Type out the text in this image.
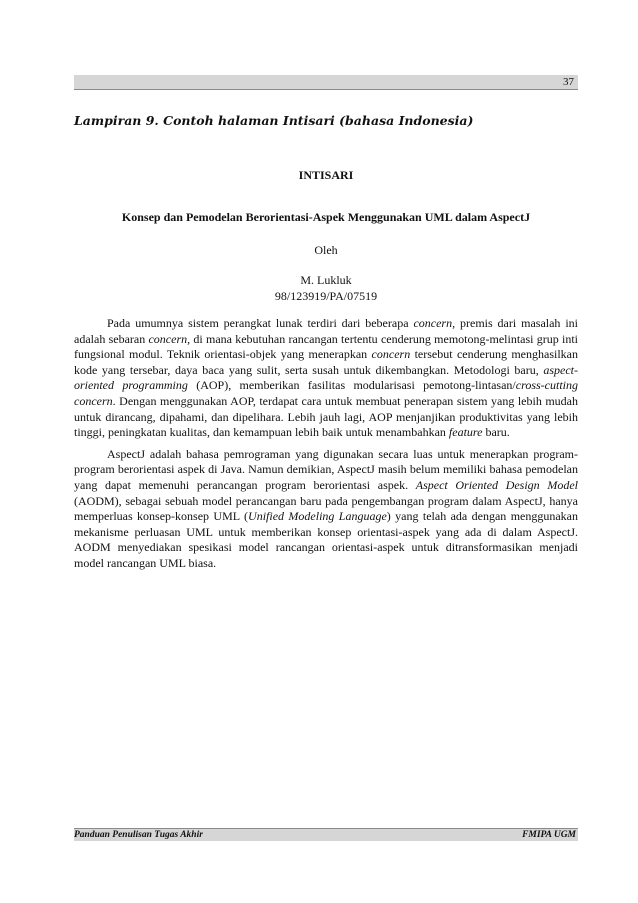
37
Lampiran 9. Contoh halaman Intisari (bahasa Indonesia)
INTISARI
Konsep dan Pemodelan Berorientasi-Aspek Menggunakan UML dalam AspectJ
Oleh
M. Lukluk
98/123919/PA/07519

Pada umumnya sistem perangkat lunak terdiri dari beberapa concern, premis dari masalah ini adalah sebaran concern, di mana kebutuhan rancangan tertentu cenderung memotong-melintasi grup inti fungsional modul. Teknik orientasi-objek yang menerapkan concern tersebut cenderung menghasilkan kode yang tersebar, daya baca yang sulit, serta susah untuk dikembangkan. Metodologi baru, aspect-oriented programming (AOP), memberikan fasilitas modularisasi pemotong-lintasan/cross-cutting concern. Dengan menggunakan AOP, terdapat cara untuk membuat penerapan sistem yang lebih mudah untuk dirancang, dipahami, dan dipelihara. Lebih jauh lagi, AOP menjanjikan produktivitas yang lebih tinggi, peningkatan kualitas, dan kemampuan lebih baik untuk menambahkan feature baru.

AspectJ adalah bahasa pemrograman yang digunakan secara luas untuk menerapkan program-program berorientasi aspek di Java. Namun demikian, AspectJ masih belum memiliki bahasa pemodelan yang dapat memenuhi perancangan program berorientasi aspek. Aspect Oriented Design Model (AODM), sebagai sebuah model perancangan baru pada pengembangan program dalam AspectJ, hanya memperluas konsep-konsep UML (Unified Modeling Language) yang telah ada dengan menggunakan mekanisme perluasan UML untuk memberikan konsep orientasi-aspek yang ada di dalam AspectJ. AODM menyediakan spesikasi model rancangan orientasi-aspek untuk ditransformasikan menjadi model rancangan UML biasa.

Panduan Penulisan Tugas Akhir	FMIPA UGM
